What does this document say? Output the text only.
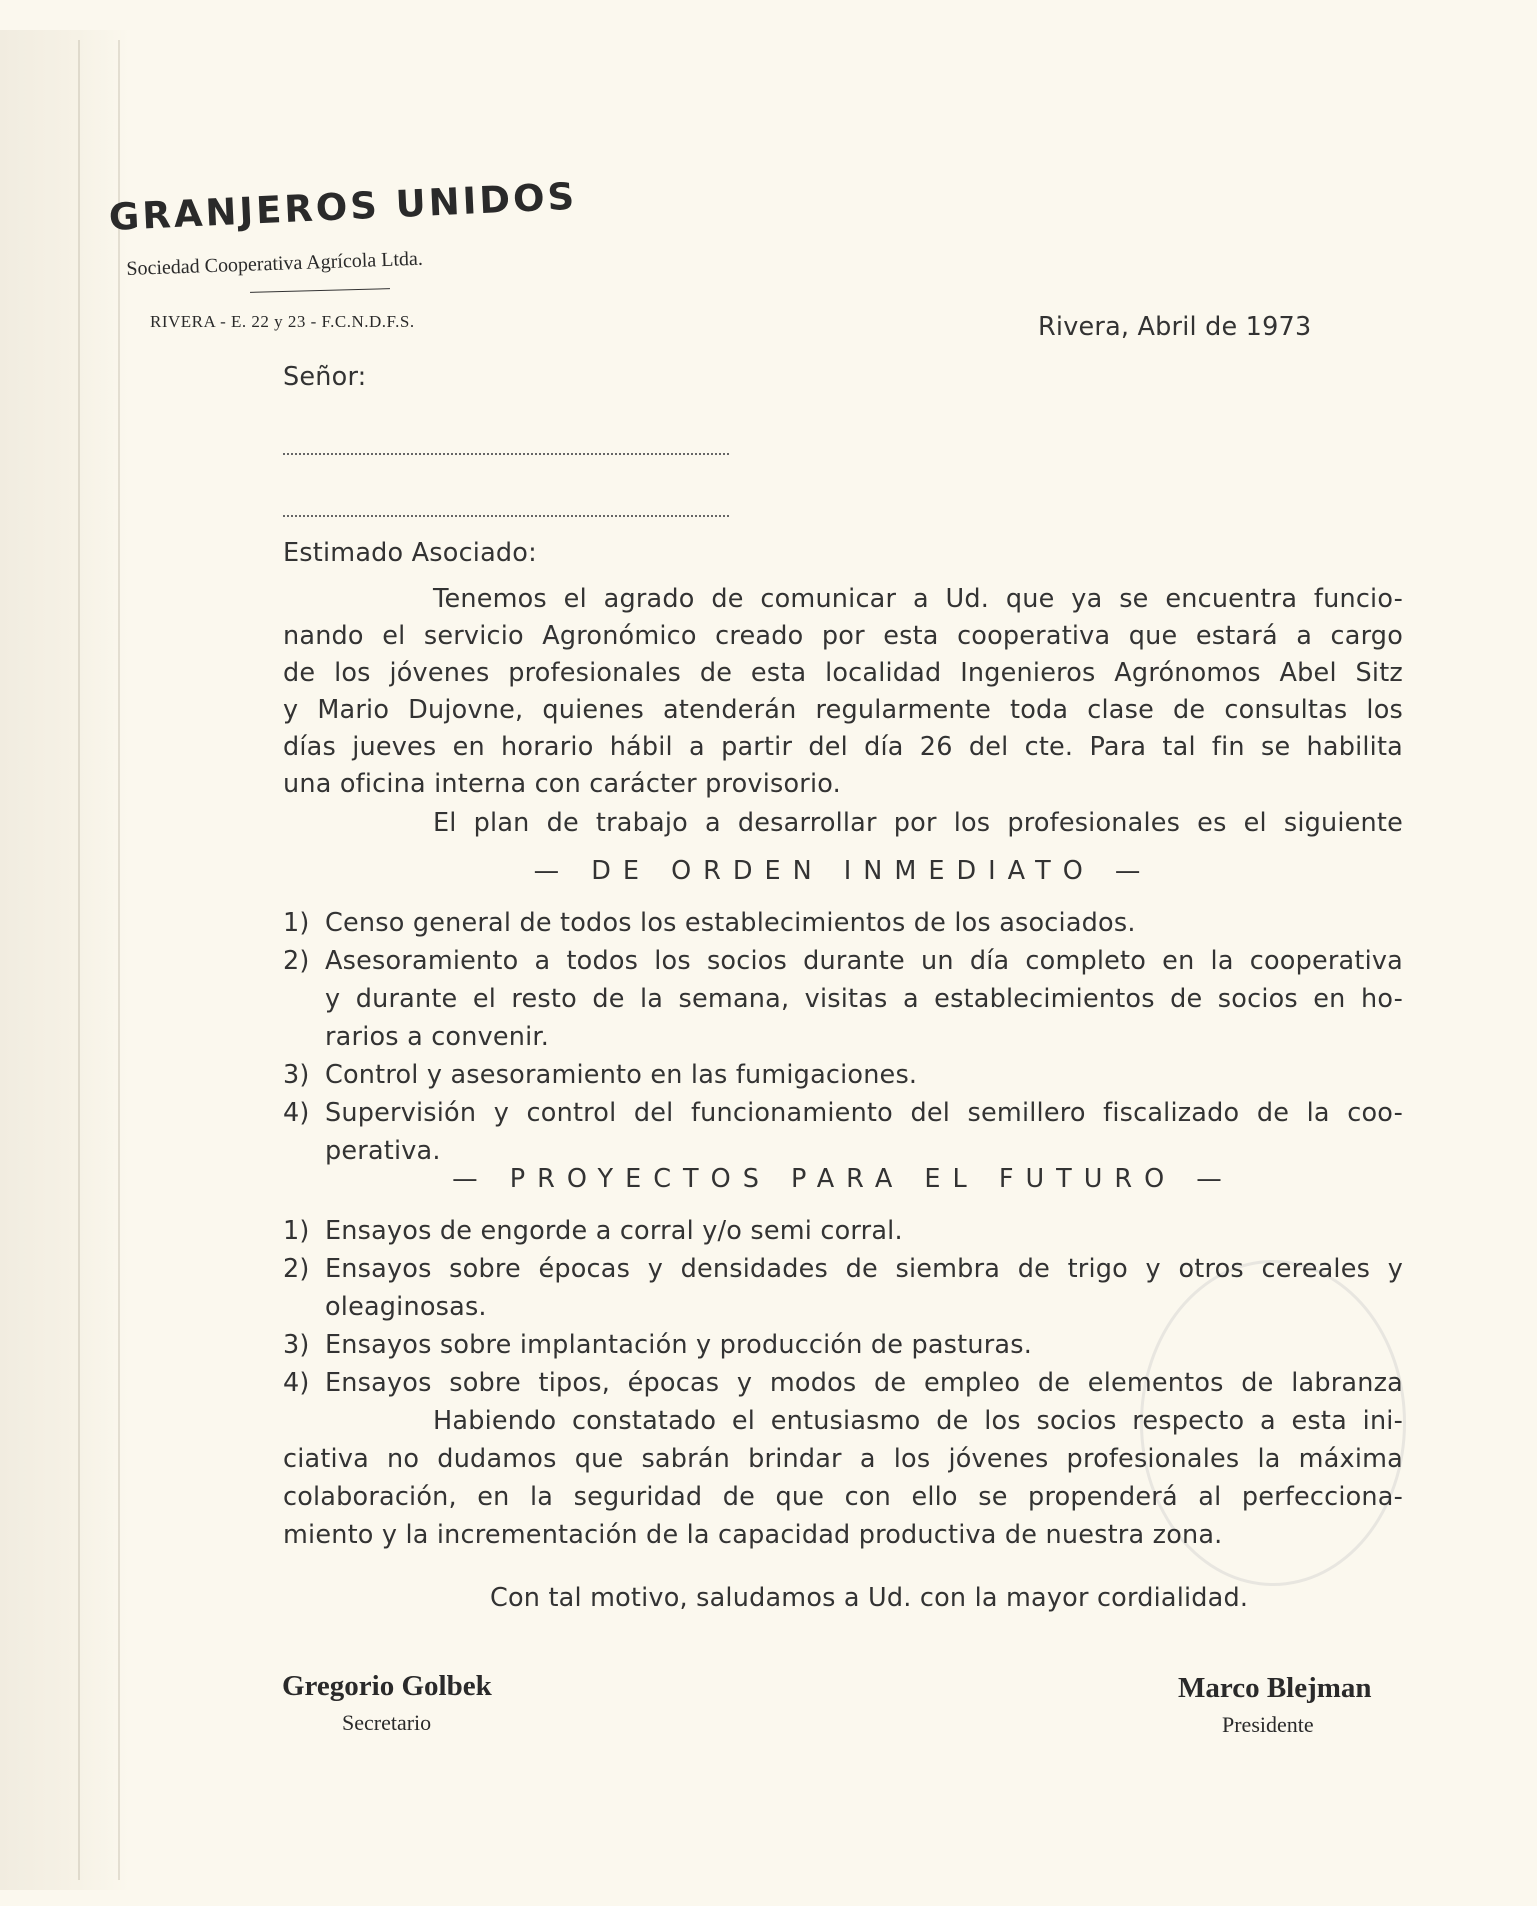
GRANJEROS UNIDOS
Sociedad Cooperativa Agrícola Ltda.
RIVERA - E. 22 y 23 - F.C.N.D.F.S.	Rivera, Abril de 1973
Señor:
Estimado Asociado:
Tenemos el agrado de comunicar a Ud. que ya se encuentra funcio-
nando el servicio Agronómico creado por esta cooperativa que estará a cargo
de los jóvenes profesionales de esta localidad Ingenieros Agrónomos Abel Sitz
y Mario Dujovne, quienes atenderán regularmente toda clase de consultas los
días jueves en horario hábil a partir del día 26 del cte. Para tal fin se habilita
una oficina interna con carácter provisorio.
El plan de trabajo a desarrollar por los profesionales es el siguiente
— DE ORDEN INMEDIATO —
1) Censo general de todos los establecimientos de los asociados.
2) Asesoramiento a todos los socios durante un día completo en la cooperativa
y durante el resto de la semana, visitas a establecimientos de socios en ho-
rarios a convenir.
3) Control y asesoramiento en las fumigaciones.
4) Supervisión y control del funcionamiento del semillero fiscalizado de la coo-
perativa.
— PROYECTOS PARA EL FUTURO —
1) Ensayos de engorde a corral y/o semi corral.
2) Ensayos sobre épocas y densidades de siembra de trigo y otros cereales y
oleaginosas.
3) Ensayos sobre implantación y producción de pasturas.
4) Ensayos sobre tipos, épocas y modos de empleo de elementos de labranza
Habiendo constatado el entusiasmo de los socios respecto a esta ini-
ciativa no dudamos que sabrán brindar a los jóvenes profesionales la máxima
colaboración, en la seguridad de que con ello se propenderá al perfecciona-
miento y la incrementación de la capacidad productiva de nuestra zona.
Con tal motivo, saludamos a Ud. con la mayor cordialidad.
Gregorio Golbek
Secretario
Marco Blejman
Presidente
